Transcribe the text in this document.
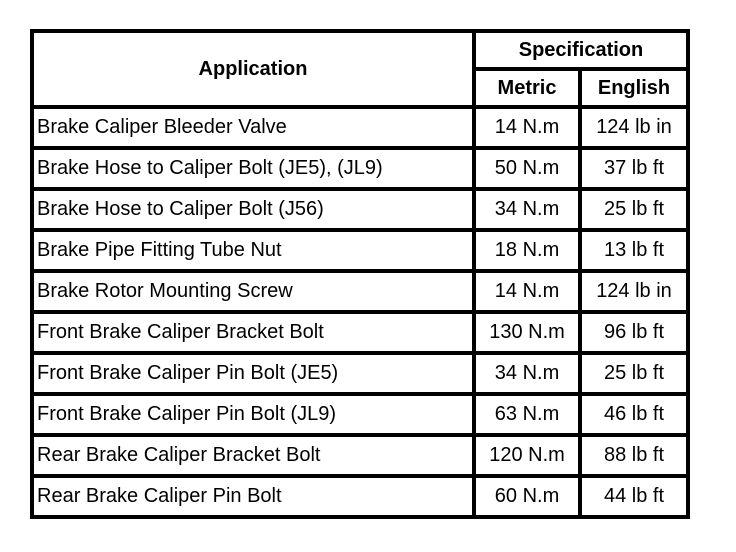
Application	Specification	
	Metric	English
Brake Caliper Bleeder Valve	14 N.m	124 lb in
Brake Hose to Caliper Bolt (JE5), (JL9)	50 N.m	37 lb ft
Brake Hose to Caliper Bolt (J56)	34 N.m	25 lb ft
Brake Pipe Fitting Tube Nut	18 N.m	13 lb ft
Brake Rotor Mounting Screw	14 N.m	124 lb in
Front Brake Caliper Bracket Bolt	130 N.m	96 lb ft
Front Brake Caliper Pin Bolt (JE5)	34 N.m	25 lb ft
Front Brake Caliper Pin Bolt (JL9)	63 N.m	46 lb ft
Rear Brake Caliper Bracket Bolt	120 N.m	88 lb ft
Rear Brake Caliper Pin Bolt	60 N.m	44 lb ft
